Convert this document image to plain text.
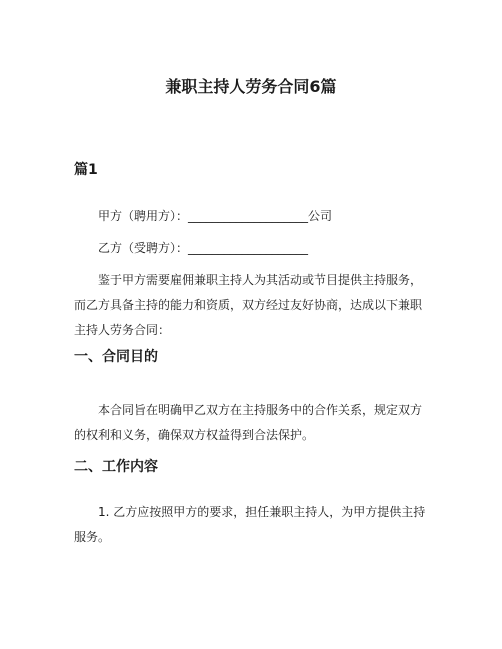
兼职主持人劳务合同6篇
篇1
甲方（聘用方）：____________________公司
乙方（受聘方）：____________________
鉴于甲方需要雇佣兼职主持人为其活动或节目提供主持服务，而乙方具备主持的能力和资质，双方经过友好协商，达成以下兼职主持人劳务合同：
一、合同目的
本合同旨在明确甲乙双方在主持服务中的合作关系，规定双方的权利和义务，确保双方权益得到合法保护。
二、工作内容
1. 乙方应按照甲方的要求，担任兼职主持人，为甲方提供主持服务。
